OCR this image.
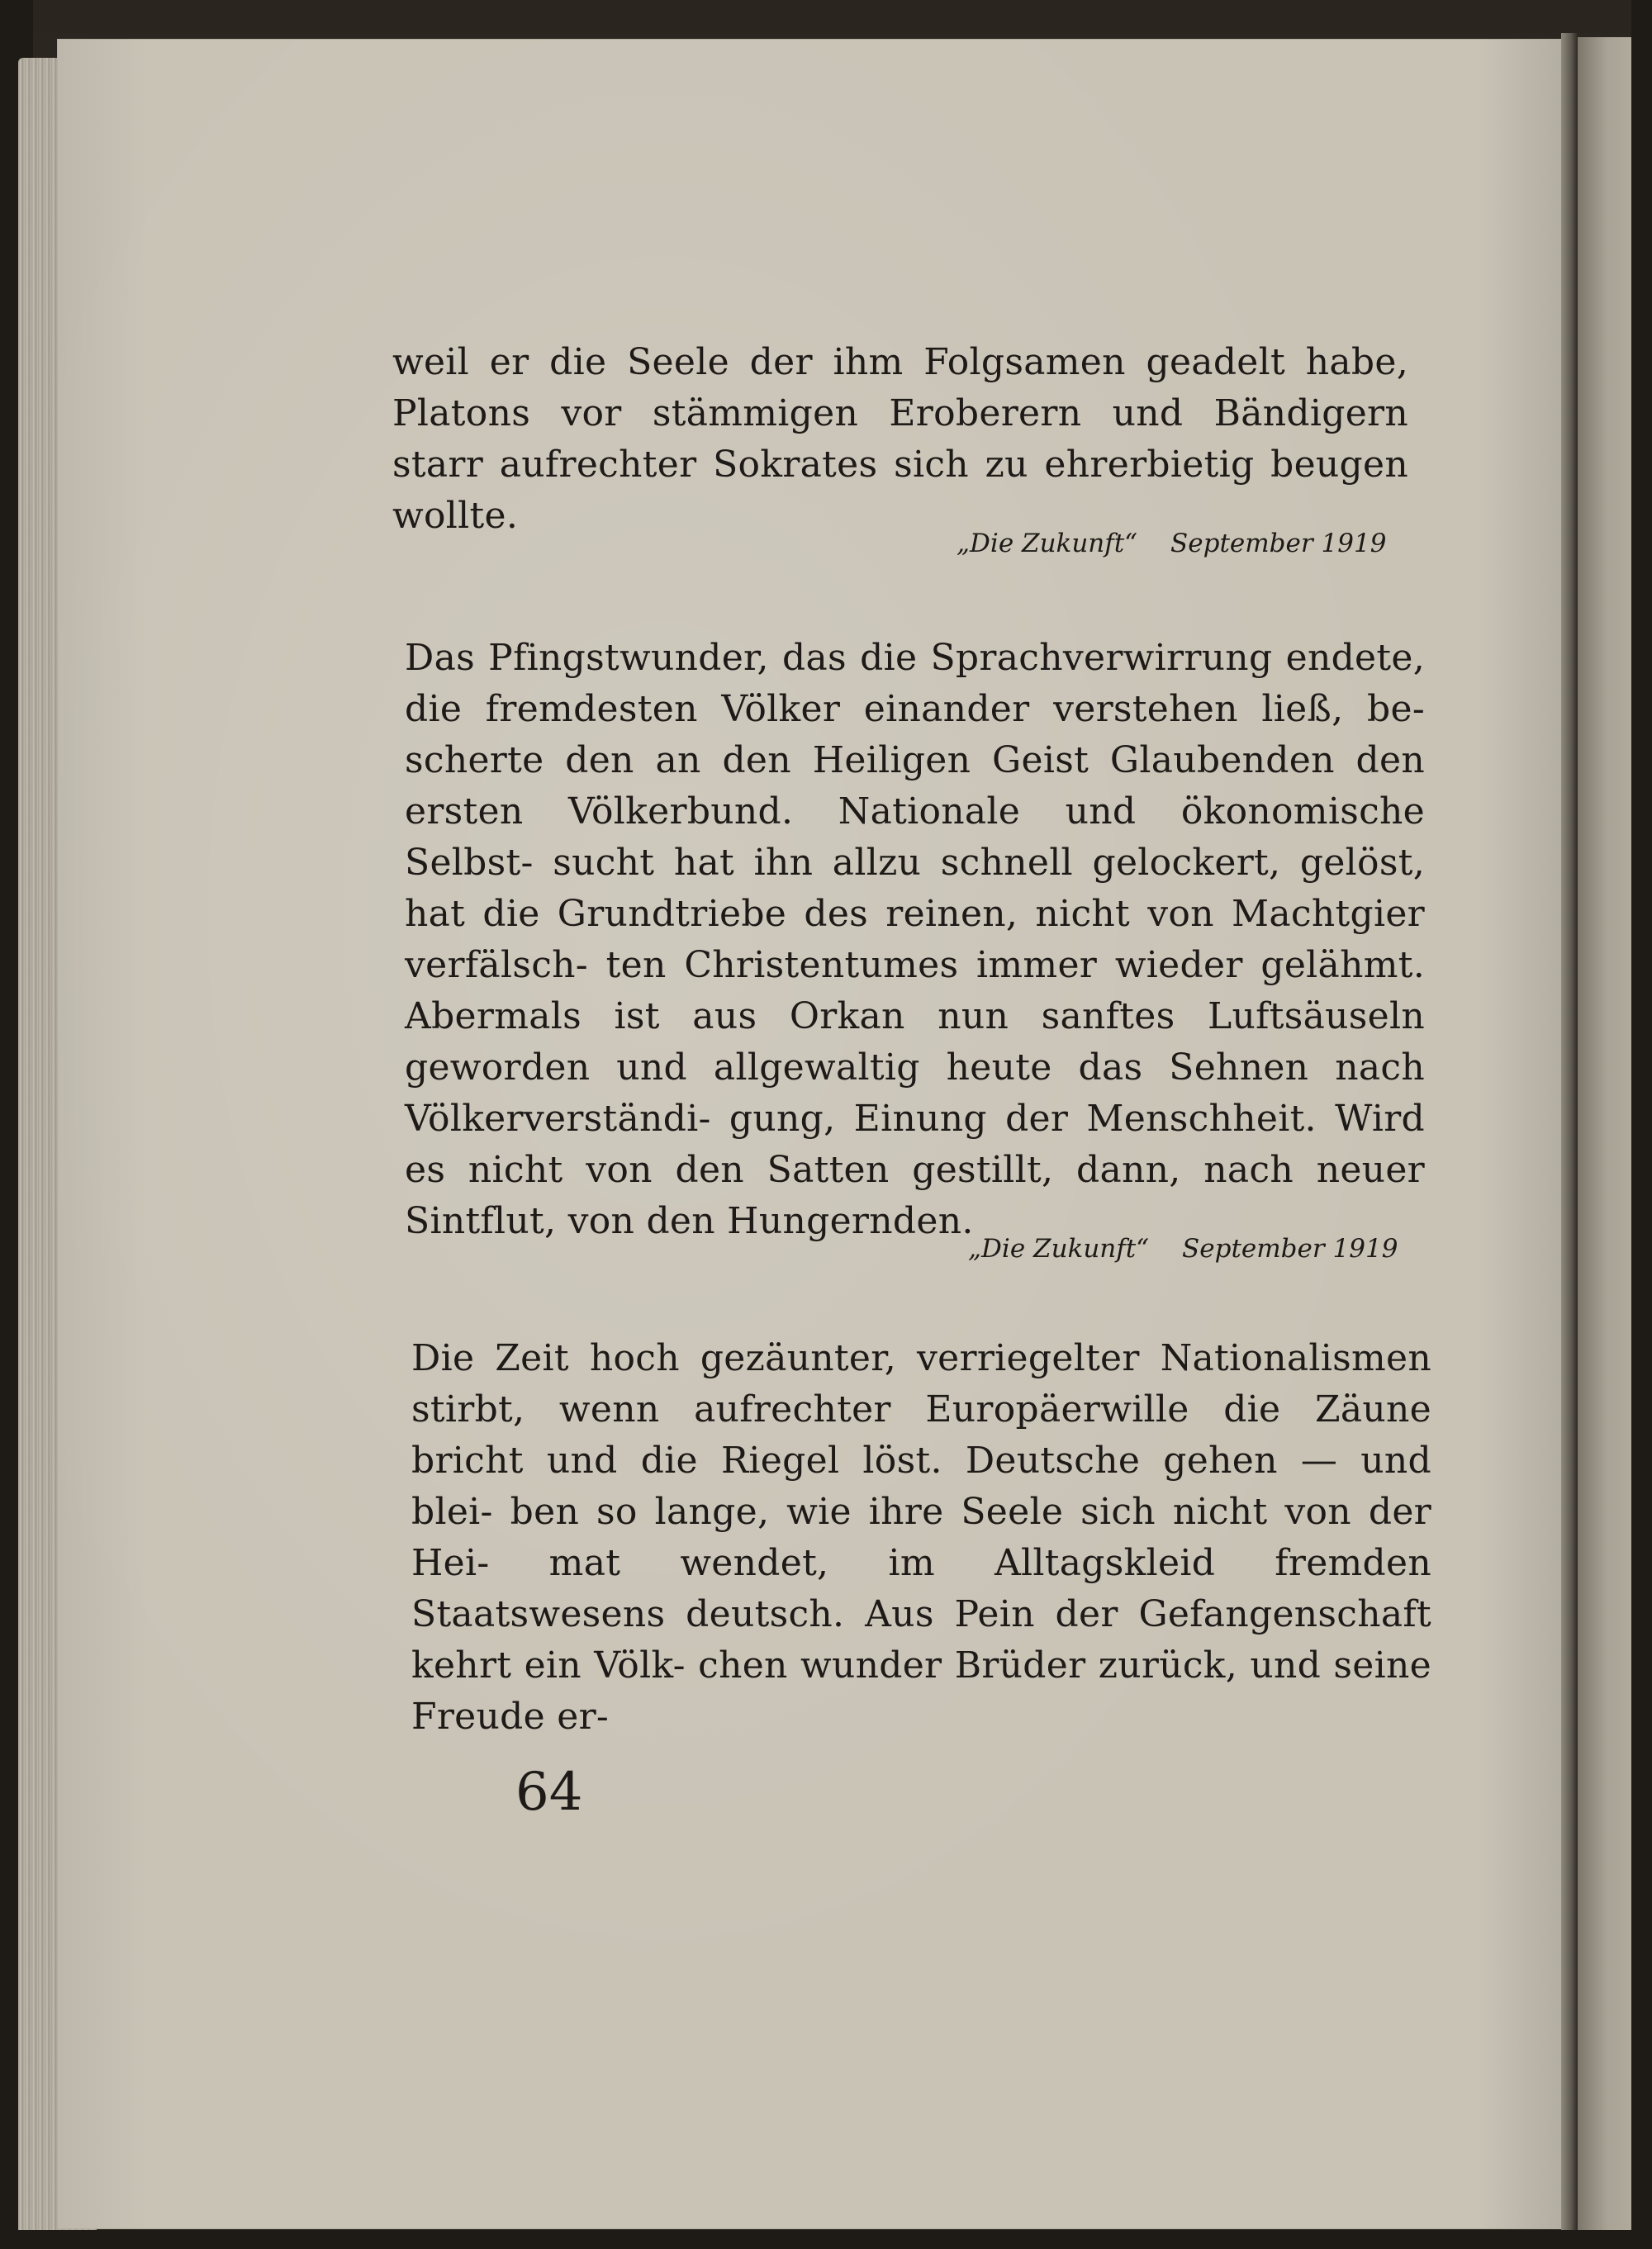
weil er die Seele der ihm Folgsamen geadelt habe, Platons vor stämmigen Eroberern und Bändigern starr aufrechter Sokrates sich zu ehrerbietig beugen wollte.

„Die Zukunft“ September 1919

Das Pfingstwunder, das die Sprachverwirrung endete, die fremdesten Völker einander verstehen ließ, be- scherte den an den Heiligen Geist Glaubenden den ersten Völkerbund. Nationale und ökonomische Selbst- sucht hat ihn allzu schnell gelockert, gelöst, hat die Grundtriebe des reinen, nicht von Machtgier verfälsch- ten Christentumes immer wieder gelähmt. Abermals ist aus Orkan nun sanftes Luftsäuseln geworden und allgewaltig heute das Sehnen nach Völkerverständi- gung, Einung der Menschheit. Wird es nicht von den Satten gestillt, dann, nach neuer Sintflut, von den Hungernden.

„Die Zukunft“ September 1919

Die Zeit hoch gezäunter, verriegelter Nationalismen stirbt, wenn aufrechter Europäerwille die Zäune bricht und die Riegel löst. Deutsche gehen — und blei- ben so lange, wie ihre Seele sich nicht von der Hei- mat wendet, im Alltagskleid fremden Staatswesens deutsch. Aus Pein der Gefangenschaft kehrt ein Völk- chen wunder Brüder zurück, und seine Freude er-

64
